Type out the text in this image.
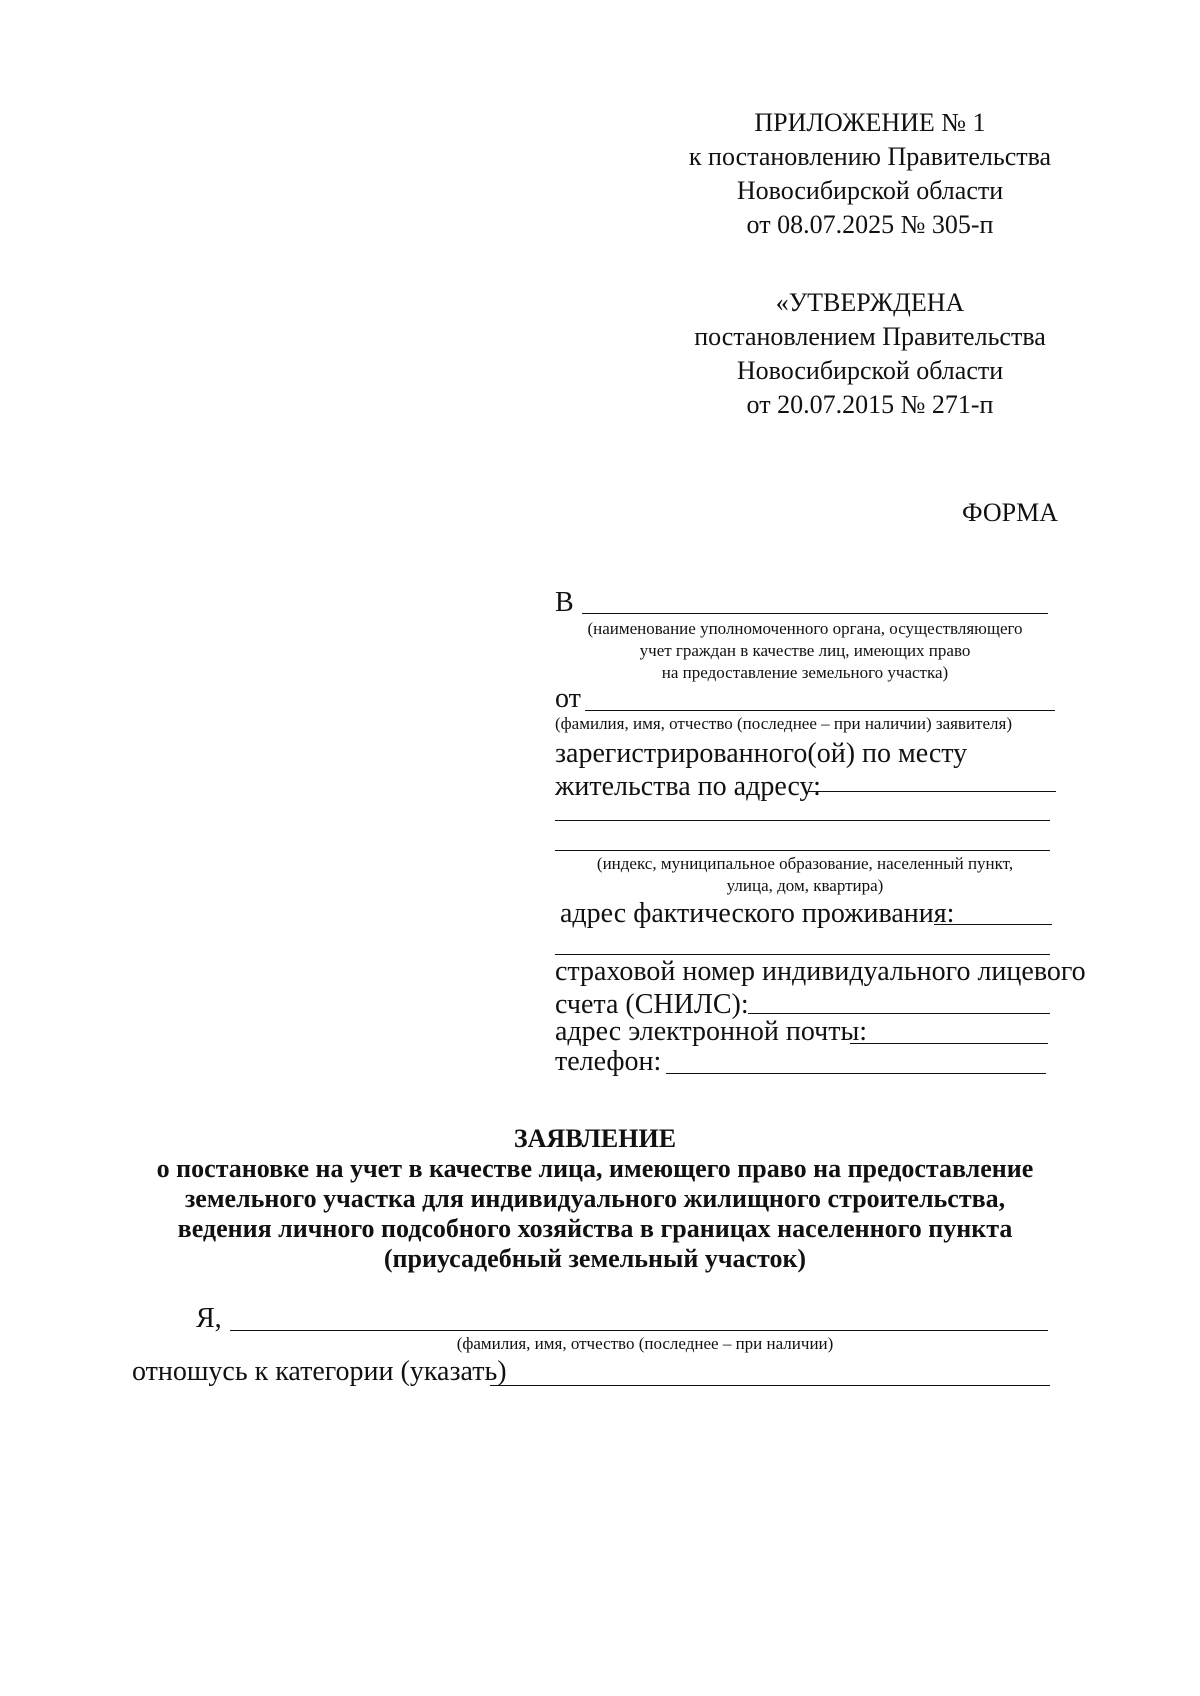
ПРИЛОЖЕНИЕ № 1
к постановлению Правительства
Новосибирской области
от 08.07.2025 № 305-п
«УТВЕРЖДЕНА
постановлением Правительства
Новосибирской области
от 20.07.2015 № 271-п
ФОРМА
В
(наименование уполномоченного органа, осуществляющего
учет граждан в качестве лиц, имеющих право
на предоставление земельного участка)
от
(фамилия, имя, отчество (последнее – при наличии) заявителя)
зарегистрированного(ой) по месту
жительства по адресу:
(индекс, муниципальное образование, населенный пункт,
улица, дом, квартира)
адрес фактического проживания:
страховой номер индивидуального лицевого
счета (СНИЛС):
адрес электронной почты:
телефон:
ЗАЯВЛЕНИЕ
о постановке на учет в качестве лица, имеющего право на предоставление
земельного участка для индивидуального жилищного строительства,
ведения личного подсобного хозяйства в границах населенного пункта
(приусадебный земельный участок)
Я,
(фамилия, имя, отчество (последнее – при наличии)
отношусь к категории (указать)
